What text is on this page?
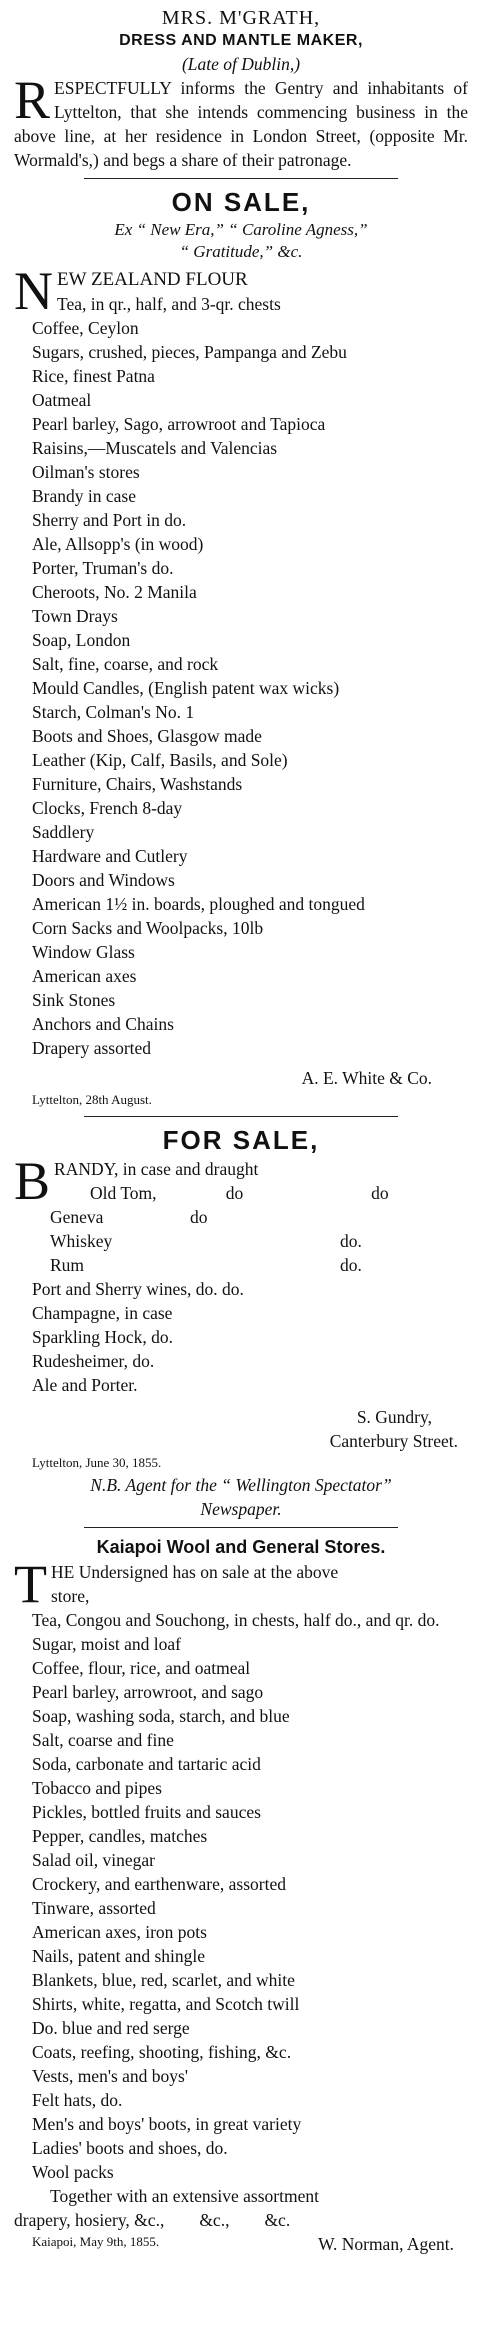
MRS. M'GRATH,
DRESS AND MANTLE MAKER,
(Late of Dublin,)
R ESPECTFULLY informs the Gentry and inhabitants of Lyttelton, that she intends commencing business in the above line, at her residence in London Street, (opposite Mr. Wormald's,) and begs a share of their patronage.
ON SALE,
Ex “ New Era,” “ Caroline Agness,”
“ Gratitude,” &c.
N EW ZEALAND FLOUR
Tea, in qr., half, and 3-qr. chests
Coffee, Ceylon
Sugars, crushed, pieces, Pampanga and Zebu
Rice, finest Patna
Oatmeal
Pearl barley, Sago, arrowroot and Tapioca
Raisins,—Muscatels and Valencias
Oilman's stores
Brandy in case
Sherry and Port in do.
Ale, Allsopp's (in wood)
Porter, Truman's do.
Cheroots, No. 2 Manila
Town Drays
Soap, London
Salt, fine, coarse, and rock
Mould Candles, (English patent wax wicks)
Starch, Colman's No. 1
Boots and Shoes, Glasgow made
Leather (Kip, Calf, Basils, and Sole)
Furniture, Chairs, Washstands
Clocks, French 8-day
Saddlery
Hardware and Cutlery
Doors and Windows
American 1½ in. boards, ploughed and tongued
Corn Sacks and Woolpacks, 10lb
Window Glass
American axes
Sink Stones
Anchors and Chains
Drapery assorted
A. E. White & Co.
Lyttelton, 28th August.
FOR SALE,
B RANDY, in case and draught
Old Tom,	do	do
Geneva	do
Whiskey	do.
Rum	do.
Port and Sherry wines, do. do.
Champagne, in case
Sparkling Hock, do.
Rudesheimer, do.
Ale and Porter.
S. Gundry,
Canterbury Street.
Lyttelton, June 30, 1855.
N.B. Agent for the “ Wellington Spectator”
Newspaper.
Kaiapoi Wool and General Stores.
T HE Undersigned has on sale at the above
store,
Tea, Congou and Souchong, in chests, half do., and qr. do.
Sugar, moist and loaf
Coffee, flour, rice, and oatmeal
Pearl barley, arrowroot, and sago
Soap, washing soda, starch, and blue
Salt, coarse and fine
Soda, carbonate and tartaric acid
Tobacco and pipes
Pickles, bottled fruits and sauces
Pepper, candles, matches
Salad oil, vinegar
Crockery, and earthenware, assorted
Tinware, assorted
American axes, iron pots
Nails, patent and shingle
Blankets, blue, red, scarlet, and white
Shirts, white, regatta, and Scotch twill
Do. blue and red serge
Coats, reefing, shooting, fishing, &c.
Vests, men's and boys'
Felt hats, do.
Men's and boys' boots, in great variety
Ladies' boots and shoes, do.
Wool packs
Together with an extensive assortment
drapery, hosiery, &c.,        &c.,        &c.
Kaiapoi, May 9th, 1855.	W. Norman, Agent.
